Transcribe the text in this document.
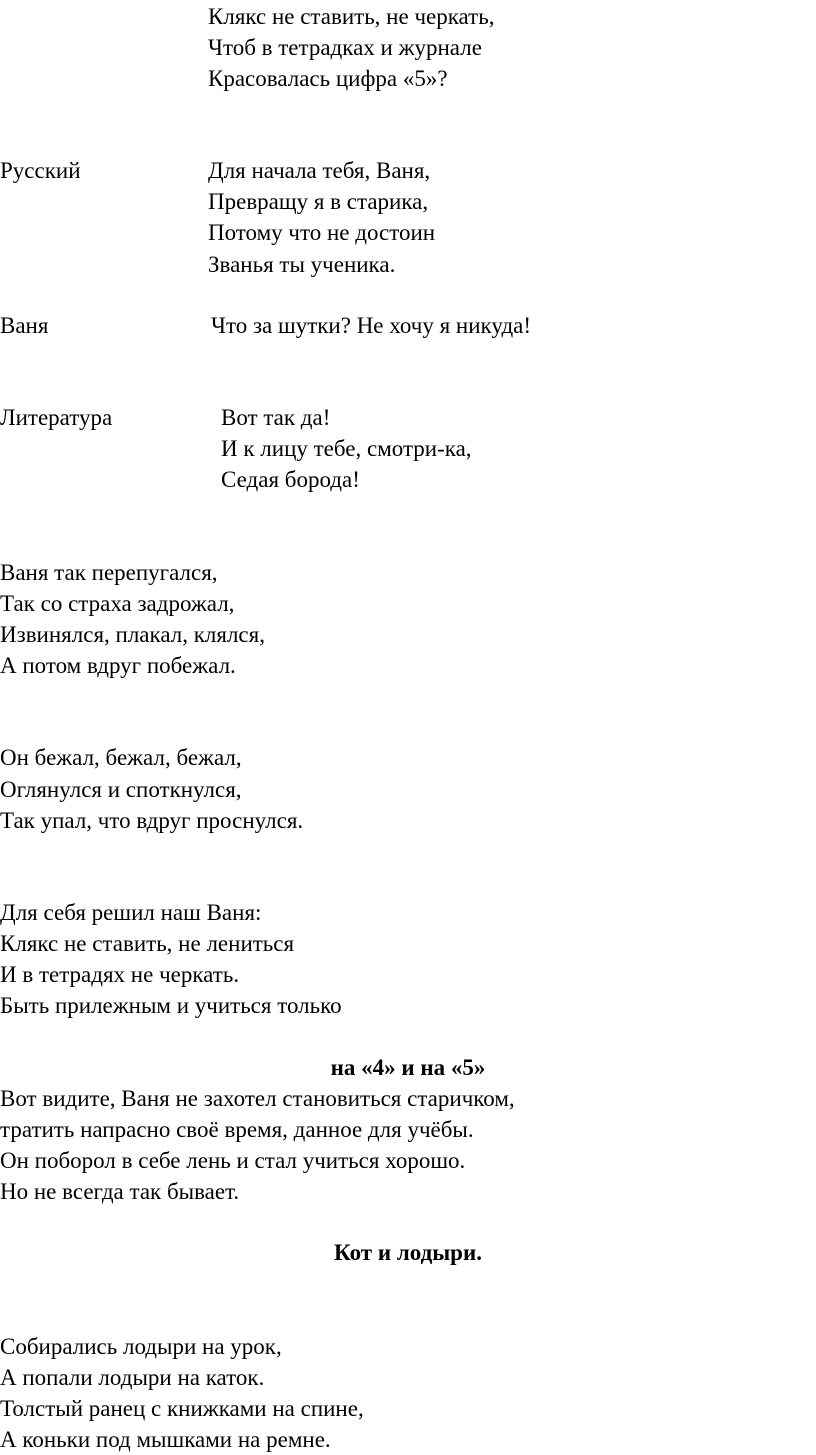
Клякс не ставить, не черкать,
Чтоб в тетрадках и журнале
Красовалась цифра «5»?
Русский	Для начала тебя, Ваня,
Превращу я в старика,
Потому что не достоин
Званья ты ученика.
Ваня	Что за шутки? Не хочу я никуда!
Литература	Вот так да!
И к лицу тебе, смотри-ка,
Седая борода!
Ваня так перепугался,
Так со страха задрожал,
Извинялся, плакал, клялся,
А потом вдруг побежал.
Он бежал, бежал, бежал,
Оглянулся и споткнулся,
Так упал, что вдруг проснулся.
Для себя решил наш Ваня:
Клякс не ставить, не лениться
И в тетрадях не черкать.
Быть прилежным и учиться только
на «4» и на «5»
Вот видите, Ваня не захотел становиться старичком,
тратить напрасно своё время, данное для учёбы.
Он поборол в себе лень и стал учиться хорошо.
Но не всегда так бывает.
Кот и лодыри.
Собирались лодыри на урок,
А попали лодыри на каток.
Толстый ранец с книжками на спине,
А коньки под мышками на ремне.
